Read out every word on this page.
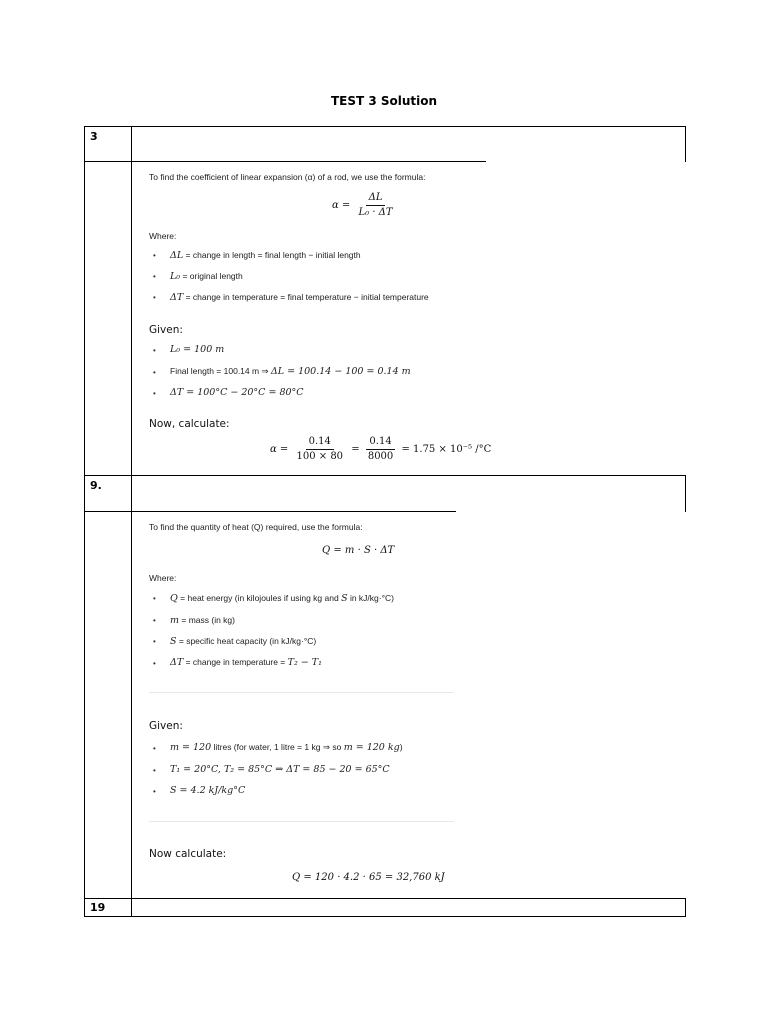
TEST 3 Solution
3
9.
19
To find the coefficient of linear expansion (α) of a rod, we use the formula:
$\alpha = \frac{\Delta L}{\text{L₀ · ΔT}}$
Where:
• ΔL = change in length = final length − initial length
• L₀ = original length
• ΔT = change in temperature = final temperature − initial temperature
Given:
• L₀ = 100 m
• Final length = 100.14 m ⇒ ΔL = 100.14 − 100 = 0.14 m
• ΔT = 100°C − 20°C = 80°C
Now, calculate:
$\alpha = \frac{0.14}{100 \times 80} = \frac{0.14}{8000} = 1.75 \times 10^{-5}$ /°C
To find the quantity of heat (Q) required, use the formula:
Q = m · S · ΔT
Where:
• Q = heat energy (in kilojoules if using kg and S in kJ/kg·°C)
• m = mass (in kg)
• S = specific heat capacity (in kJ/kg·°C)
• ΔT = change in temperature = T₂ − T₁
Given:
• m = 120 litres (for water, 1 litre = 1 kg ⇒ so m = 120 kg)
• T₁ = 20°C, T₂ = 85°C ⇒ ΔT = 85 − 20 = 65°C
• S = 4.2 kJ/kg°C
Now calculate:
Q = 120 · 4.2 · 65 = 32,760 kJ
